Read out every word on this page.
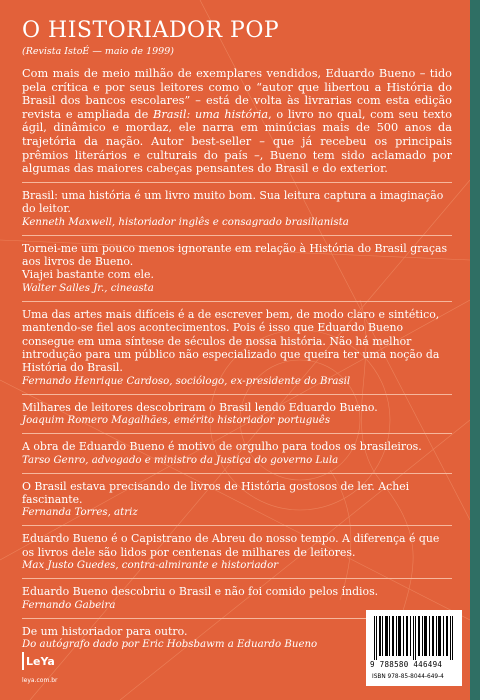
O HISTORIADOR POP

(Revista IstoÉ — maio de 1999)

Com mais de meio milhão de exemplares vendidos, Eduardo Bueno – tido pela crítica e por seus leitores como o “autor que libertou a História do Brasil dos bancos escolares” – está de volta às livrarias com esta edição revista e ampliada de Brasil: uma história, o livro no qual, com seu texto ágil, dinâmico e mordaz, ele narra em minúcias mais de 500 anos da trajetória da nação. Autor best-seller – que já recebeu os principais prêmios literários e culturais do país –, Bueno tem sido aclamado por algumas das maiores cabeças pensantes do Brasil e do exterior.

Brasil: uma história é um livro muito bom. Sua leitura captura a imaginação do leitor.

Kenneth Maxwell, historiador inglês e consagrado brasilianista

Tornei-me um pouco menos ignorante em relação à História do Brasil graças aos livros de Bueno.

Viajei bastante com ele.

Walter Salles Jr., cineasta

Uma das artes mais difíceis é a de escrever bem, de modo claro e sintético, mantendo-se fiel aos acontecimentos. Pois é isso que Eduardo Bueno consegue em uma síntese de séculos de nossa história. Não há melhor introdução para um público não especializado que queira ter uma noção da História do Brasil.

Fernando Henrique Cardoso, sociólogo, ex-presidente do Brasil

Milhares de leitores descobriram o Brasil lendo Eduardo Bueno.

Joaquim Romero Magalhães, emérito historiador português

A obra de Eduardo Bueno é motivo de orgulho para todos os brasileiros.

Tarso Genro, advogado e ministro da Justiça do governo Lula

O Brasil estava precisando de livros de História gostosos de ler. Achei fascinante.

Fernanda Torres, atriz

Eduardo Bueno é o Capistrano de Abreu do nosso tempo. A diferença é que os livros dele são lidos por centenas de milhares de leitores.

Max Justo Guedes, contra-almirante e historiador

Eduardo Bueno descobriu o Brasil e não foi comido pelos índios.

Fernando Gabeira

De um historiador para outro.

Do autógrafo dado por Eric Hobsbawm a Eduardo Bueno

LeYa
leya.com.br
9 788580 446494
ISBN 978-85-8044-649-4
